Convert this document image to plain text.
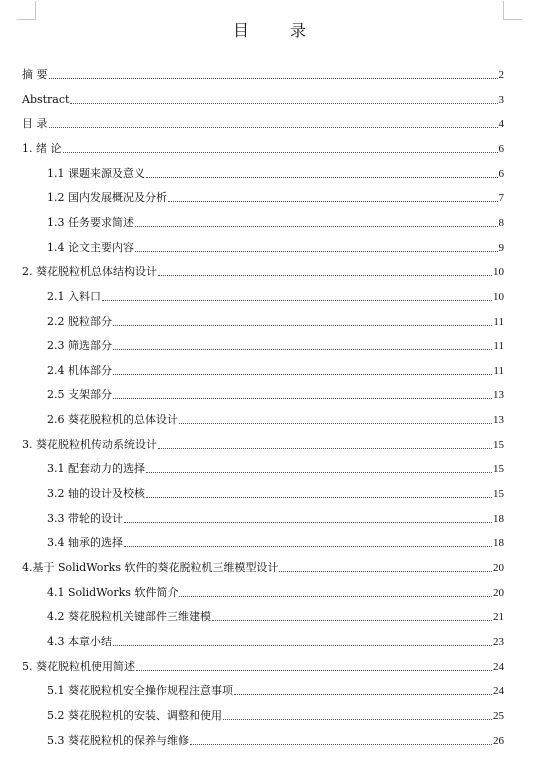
目 录
摘 要	2
Abstract	3
目 录	4
1. 绪 论	6
1.1 课题来源及意义	6
1.2 国内发展概况及分析	7
1.3 任务要求简述	8
1.4 论文主要内容	9
2. 葵花脱粒机总体结构设计	10
2.1 入料口	10
2.2 脱粒部分	11
2.3 筛选部分	11
2.4 机体部分	11
2.5 支架部分	13
2.6 葵花脱粒机的总体设计	13
3. 葵花脱粒机传动系统设计	15
3.1 配套动力的选择	15
3.2 轴的设计及校核	15
3.3 带轮的设计	18
3.4 轴承的选择	18
4.基于 SolidWorks 软件的葵花脱粒机三维模型设计	20
4.1 SolidWorks 软件简介	20
4.2 葵花脱粒机关键部件三维建模	21
4.3 本章小结	23
5. 葵花脱粒机使用简述	24
5.1 葵花脱粒机安全操作规程注意事项	24
5.2 葵花脱粒机的安装、调整和使用	25
5.3 葵花脱粒机的保养与维修	26
